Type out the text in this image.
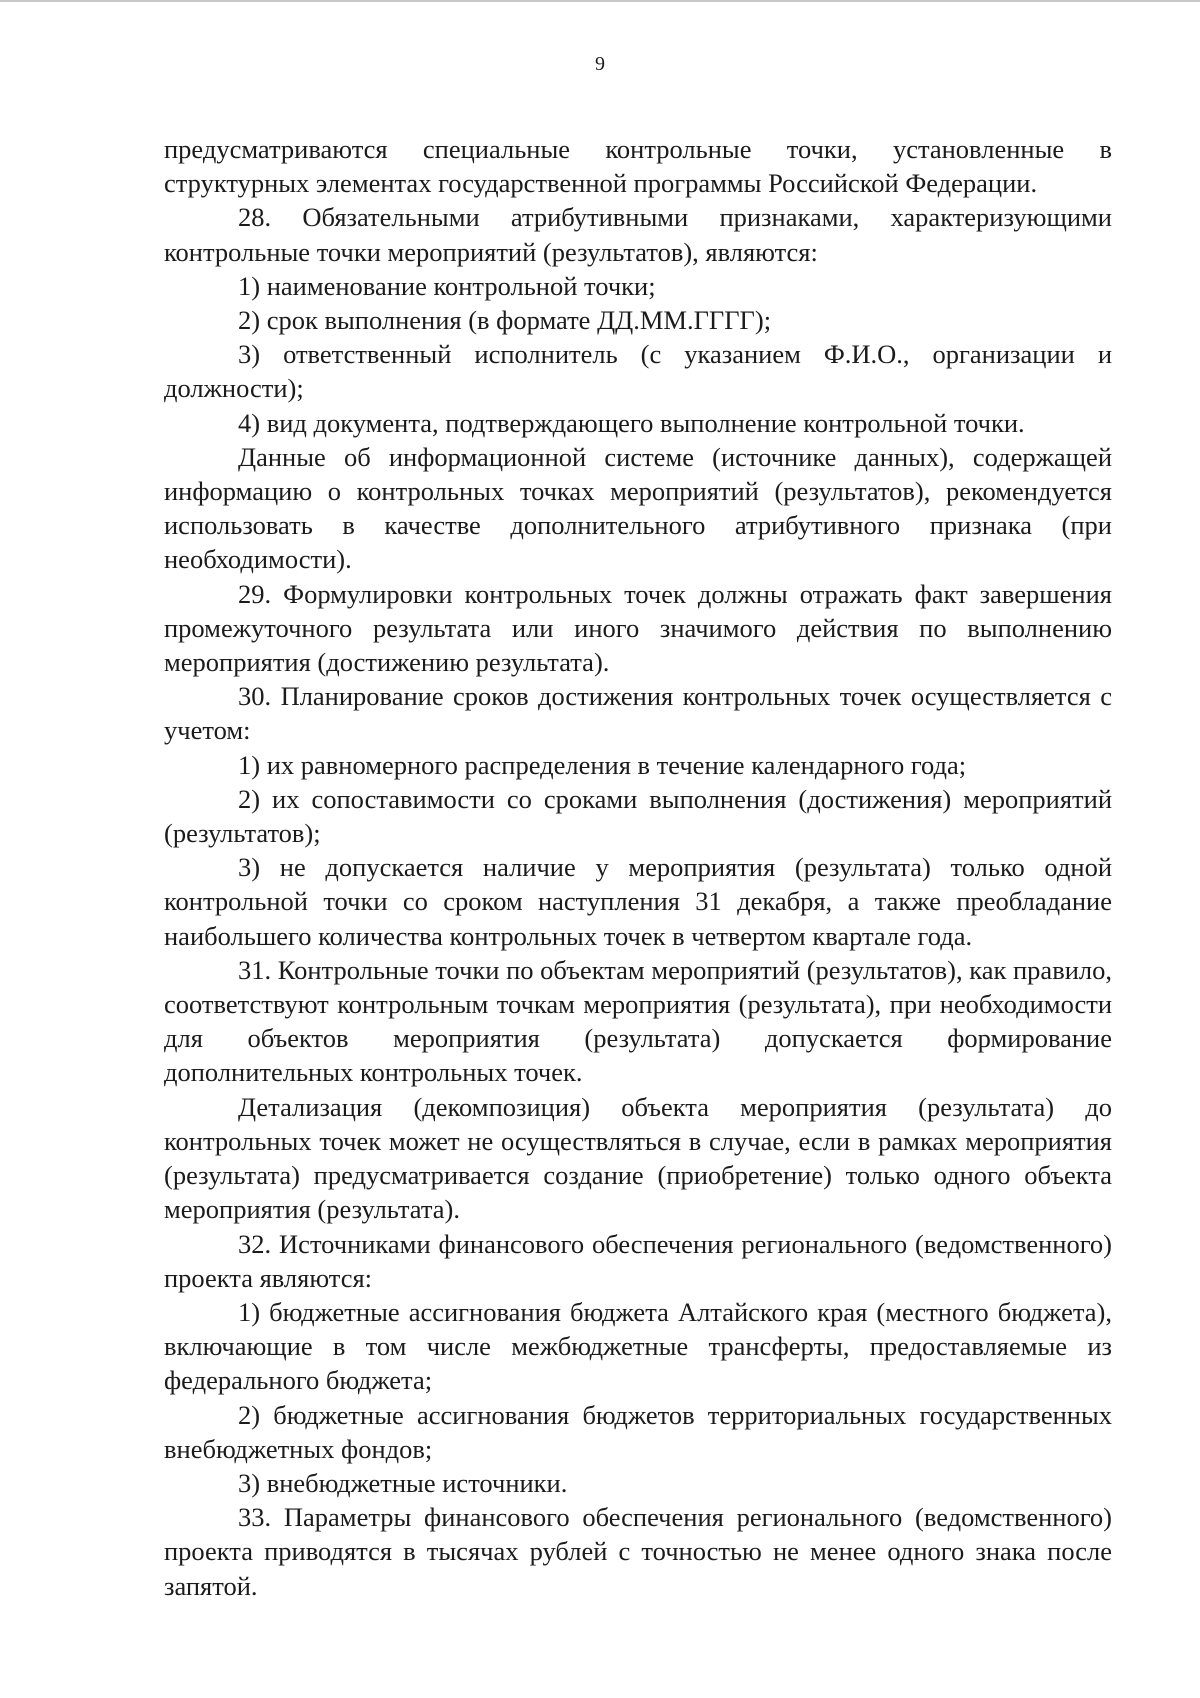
9

предусматриваются специальные контрольные точки, установленные в структурных элементах государственной программы Российской Федерации.

28. Обязательными атрибутивными признаками, характеризующими контрольные точки мероприятий (результатов), являются:

1) наименование контрольной точки;

2) срок выполнения (в формате ДД.ММ.ГГГГ);

3) ответственный исполнитель (с указанием Ф.И.О., организации и должности);

4) вид документа, подтверждающего выполнение контрольной точки.

Данные об информационной системе (источнике данных), содержащей информацию о контрольных точках мероприятий (результатов), рекомендуется использовать в качестве дополнительного атрибутивного признака (при необходимости).

29. Формулировки контрольных точек должны отражать факт завершения промежуточного результата или иного значимого действия по выполнению мероприятия (достижению результата).

30. Планирование сроков достижения контрольных точек осуществляется с учетом:

1) их равномерного распределения в течение календарного года;

2) их сопоставимости со сроками выполнения (достижения) мероприятий (результатов);

3) не допускается наличие у мероприятия (результата) только одной контрольной точки со сроком наступления 31 декабря, а также преобладание наибольшего количества контрольных точек в четвертом квартале года.

31. Контрольные точки по объектам мероприятий (результатов), как правило, соответствуют контрольным точкам мероприятия (результата), при необходимости для объектов мероприятия (результата) допускается формирование дополнительных контрольных точек.

Детализация (декомпозиция) объекта мероприятия (результата) до контрольных точек может не осуществляться в случае, если в рамках мероприятия (результата) предусматривается создание (приобретение) только одного объекта мероприятия (результата).

32. Источниками финансового обеспечения регионального (ведомственного) проекта являются:

1) бюджетные ассигнования бюджета Алтайского края (местного бюджета), включающие в том числе межбюджетные трансферты, предоставляемые из федерального бюджета;

2) бюджетные ассигнования бюджетов территориальных государственных внебюджетных фондов;

3) внебюджетные источники.

33. Параметры финансового обеспечения регионального (ведомственного) проекта приводятся в тысячах рублей с точностью не менее одного знака после запятой.
